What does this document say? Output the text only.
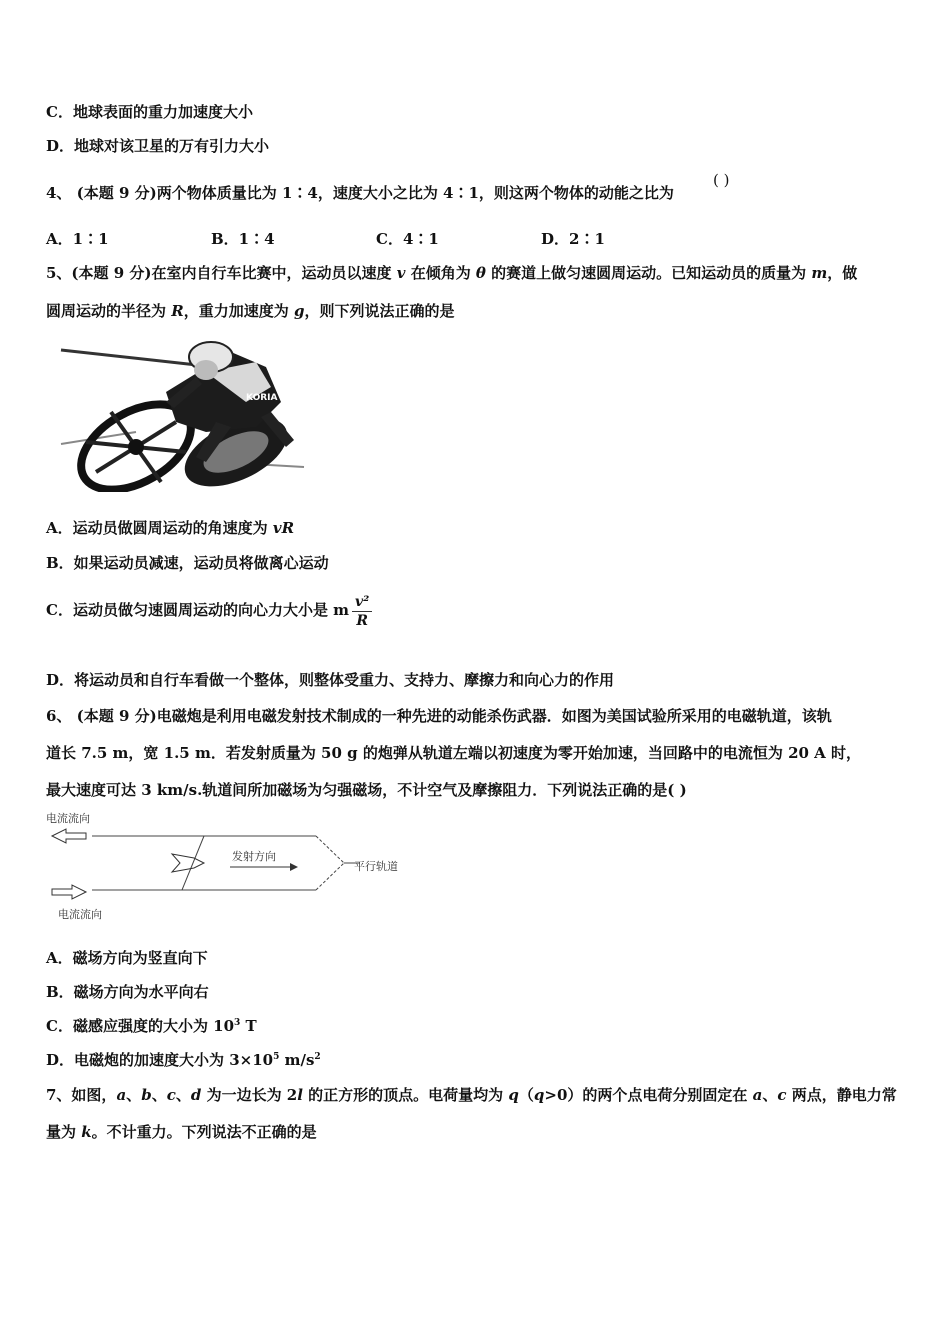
C．地球表面的重力加速度大小
D．地球对该卫星的万有引力大小
4、 (本题 9 分)两个物体质量比为 1∶4，速度大小之比为 4∶1，则这两个物体的动能之比为
( )
A．1∶1	B．1∶4	C．4∶1	D．2∶1
5、(本题 9 分)在室内自行车比赛中，运动员以速度 v 在倾角为 θ 的赛道上做匀速圆周运动。已知运动员的质量为 m，做
圆周运动的半径为 R，重力加速度为 g，则下列说法正确的是
KORIA
A．运动员做圆周运动的角速度为 vR
B．如果运动员减速，运动员将做离心运动
C．运动员做匀速圆周运动的向心力大小是 m $\frac{\text{v²}}{R}$
D．将运动员和自行车看做一个整体，则整体受重力、支持力、摩擦力和向心力的作用
6、 (本题 9 分)电磁炮是利用电磁发射技术制成的一种先进的动能杀伤武器．如图为美国试验所采用的电磁轨道，该轨
道长 7.5 m，宽 1.5 m．若发射质量为 50 g 的炮弹从轨道左端以初速度为零开始加速，当回路中的电流恒为 20 A 时，
最大速度可达 3 km/s.轨道间所加磁场为匀强磁场，不计空气及摩擦阻力．下列说法正确的是( )
电流流向
电流流向
发射方向
平行轨道
A．磁场方向为竖直向下
B．磁场方向为水平向右
C．磁感应强度的大小为 $10^3$ T
D．电磁炮的加速度大小为 $3\times 10^5$ $m/s^2$
7、如图，a、b、c、d 为一边长为 2l 的正方形的顶点。电荷量均为 q（q>0）的两个点电荷分别固定在 a、c 两点，静电力常
量为 k。不计重力。下列说法不正确的是
